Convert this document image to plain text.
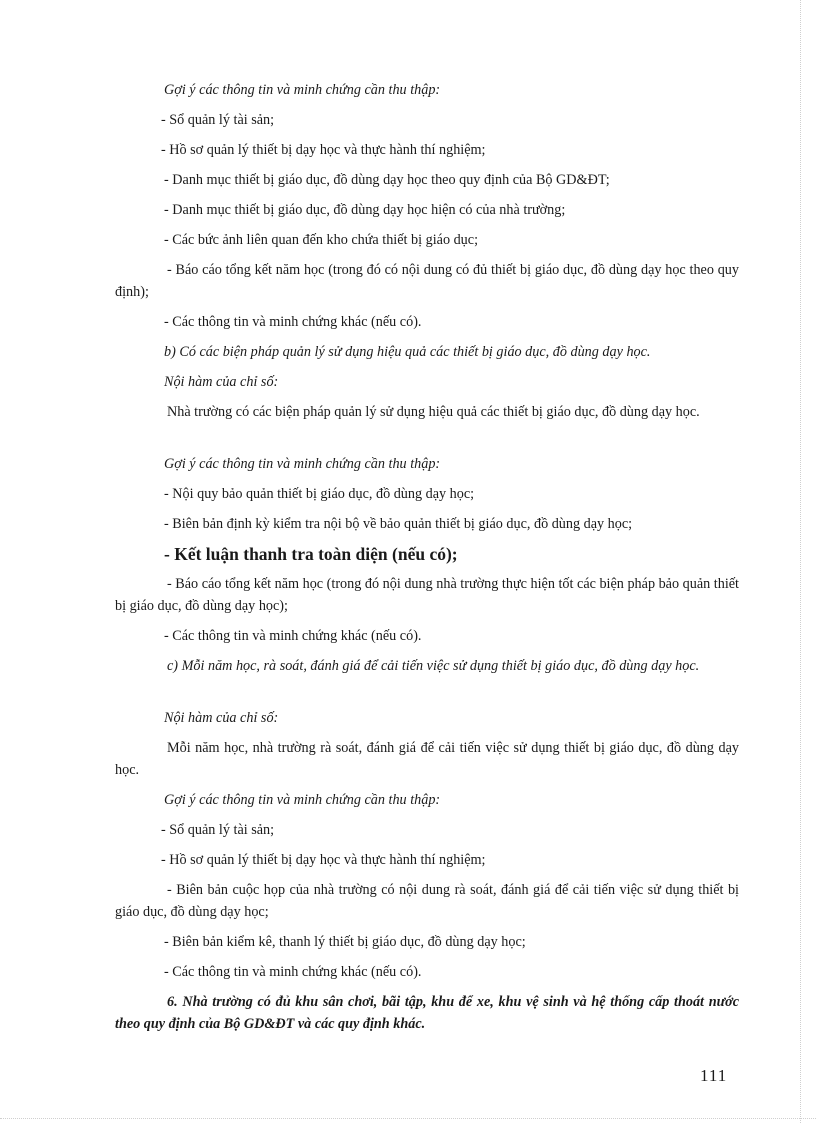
Gợi ý các thông tin và minh chứng cần thu thập:

- Sổ quản lý tài sản;

- Hồ sơ quản lý thiết bị dạy học và thực hành thí nghiệm;

- Danh mục thiết bị giáo dục, đồ dùng dạy học theo quy định của Bộ GD&ĐT;

- Danh mục thiết bị giáo dục, đồ dùng dạy học hiện có của nhà trường;

- Các bức ảnh liên quan đến kho chứa thiết bị giáo dục;

- Báo cáo tổng kết năm học (trong đó có nội dung có đủ thiết bị giáo dục, đồ dùng dạy học theo quy định);

- Các thông tin và minh chứng khác (nếu có).

b) Có các biện pháp quản lý sử dụng hiệu quả các thiết bị giáo dục, đồ dùng dạy học.

Nội hàm của chỉ số:

Nhà trường có các biện pháp quản lý sử dụng hiệu quả các thiết bị giáo dục, đồ dùng dạy học.

Gợi ý các thông tin và minh chứng cần thu thập:

- Nội quy bảo quản thiết bị giáo dục, đồ dùng dạy học;

- Biên bản định kỳ kiểm tra nội bộ về bảo quản thiết bị giáo dục, đồ dùng dạy học;

- Kết luận thanh tra toàn diện (nếu có);

- Báo cáo tổng kết năm học (trong đó nội dung nhà trường thực hiện tốt các biện pháp bảo quản thiết bị giáo dục, đồ dùng dạy học);

- Các thông tin và minh chứng khác (nếu có).

c) Mỗi năm học, rà soát, đánh giá để cải tiến việc sử dụng thiết bị giáo dục, đồ dùng dạy học.

Nội hàm của chỉ số:

Mỗi năm học, nhà trường rà soát, đánh giá để cải tiến việc sử dụng thiết bị giáo dục, đồ dùng dạy học.

Gợi ý các thông tin và minh chứng cần thu thập:

- Sổ quản lý tài sản;

- Hồ sơ quản lý thiết bị dạy học và thực hành thí nghiệm;

- Biên bản cuộc họp của nhà trường có nội dung rà soát, đánh giá để cải tiến việc sử dụng thiết bị giáo dục, đồ dùng dạy học;

- Biên bản kiểm kê, thanh lý thiết bị giáo dục, đồ dùng dạy học;

- Các thông tin và minh chứng khác (nếu có).

6. Nhà trường có đủ khu sân chơi, bãi tập, khu để xe, khu vệ sinh và hệ thống cấp thoát nước theo quy định của Bộ GD&ĐT và các quy định khác.

111
